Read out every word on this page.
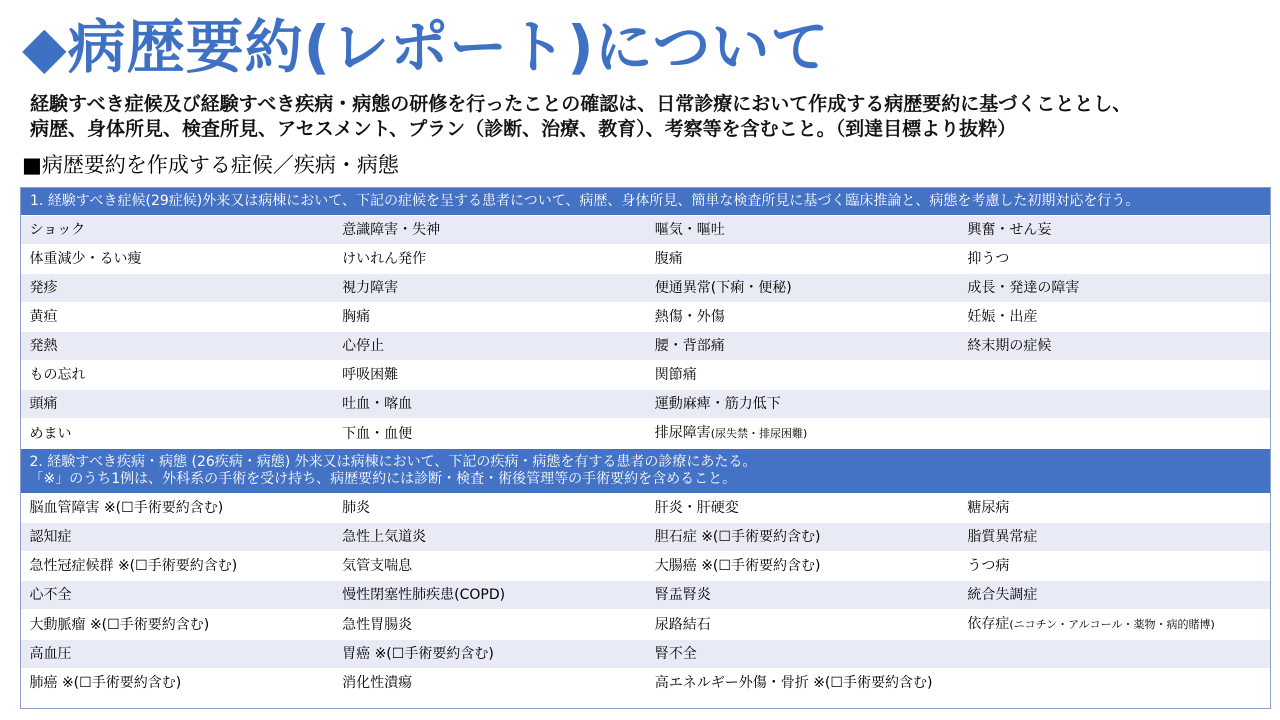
◆病歴要約(レポート)について
経験すべき症候及び経験すべき疾病・病態の研修を行ったことの確認は、日常診療において作成する病歴要約に基づくこととし、
病歴、身体所見、検査所見、アセスメント、プラン（診断、治療、教育）、考察等を含むこと。（到達目標より抜粋）
■病歴要約を作成する症候／疾病・病態
1. 経験すべき症候(29症候)外来又は病棟において、下記の症候を呈する患者について、病歴、身体所見、簡単な検査所見に基づく臨床推論と、病態を考慮した初期対応を行う。			
ショック	意識障害・失神	嘔気・嘔吐	興奮・せん妄
体重減少・るい痩	けいれん発作	腹痛	抑うつ
発疹	視力障害	便通異常(下痢・便秘)	成長・発達の障害
黄疸	胸痛	熱傷・外傷	妊娠・出産
発熱	心停止	腰・背部痛	終末期の症候
もの忘れ	呼吸困難	関節痛	
頭痛	吐血・喀血	運動麻痺・筋力低下	
めまい	下血・血便	排尿障害(尿失禁・排尿困難)	

2. 経験すべき疾病・病態 (26疾病・病態) 外来又は病棟において、下記の疾病・病態を有する患者の診療にあたる。
「※」のうち1例は、外科系の手術を受け持ち、病歴要約には診断・検査・術後管理等の手術要約を含めること。			

脳血管障害 ※(☐手術要約含む)	肺炎	肝炎・肝硬変	糖尿病
認知症	急性上気道炎	胆石症 ※(☐手術要約含む)	脂質異常症
急性冠症候群 ※(☐手術要約含む)	気管支喘息	大腸癌 ※(☐手術要約含む)	うつ病
心不全	慢性閉塞性肺疾患(COPD)	腎盂腎炎	統合失調症
大動脈瘤 ※(☐手術要約含む)	急性胃腸炎	尿路結石	依存症(ニコチン・アルコール・薬物・病的賭博)
高血圧	胃癌 ※(☐手術要約含む)	腎不全	
肺癌 ※(☐手術要約含む)	消化性潰瘍	高エネルギー外傷・骨折 ※(☐手術要約含む)	
